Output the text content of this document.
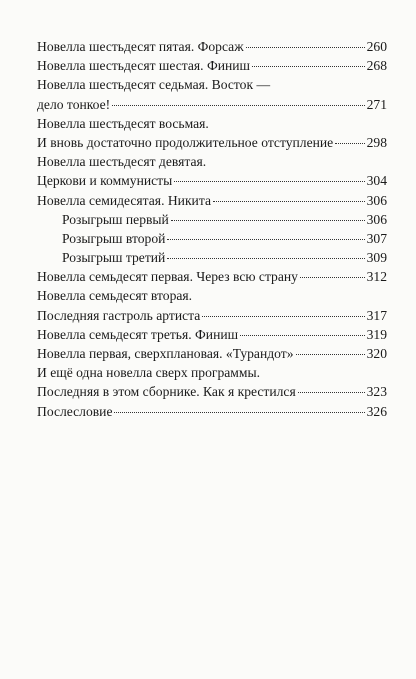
Новелла шестьдесят пятая. Форсаж	260
Новелла шестьдесят шестая. Финиш	268
Новелла шестьдесят седьмая. Восток —
дело тонкое!	271
Новелла шестьдесят восьмая.
И вновь достаточно продолжительное отступление 298
Новелла шестьдесят девятая.
Церкови и коммунисты	304
Новелла семидесятая. Никита	306
Розыгрыш первый	306
Розыгрыш второй	307
Розыгрыш третий	309
Новелла семьдесят первая. Через всю страну	312
Новелла семьдесят вторая.
Последняя гастроль артиста	317
Новелла семьдесят третья. Финиш	319
Новелла первая, сверхплановая. «Турандот»	320
И ещё одна новелла сверх программы.
Последняя в этом сборнике. Как я крестился	323
Послесловие	326
